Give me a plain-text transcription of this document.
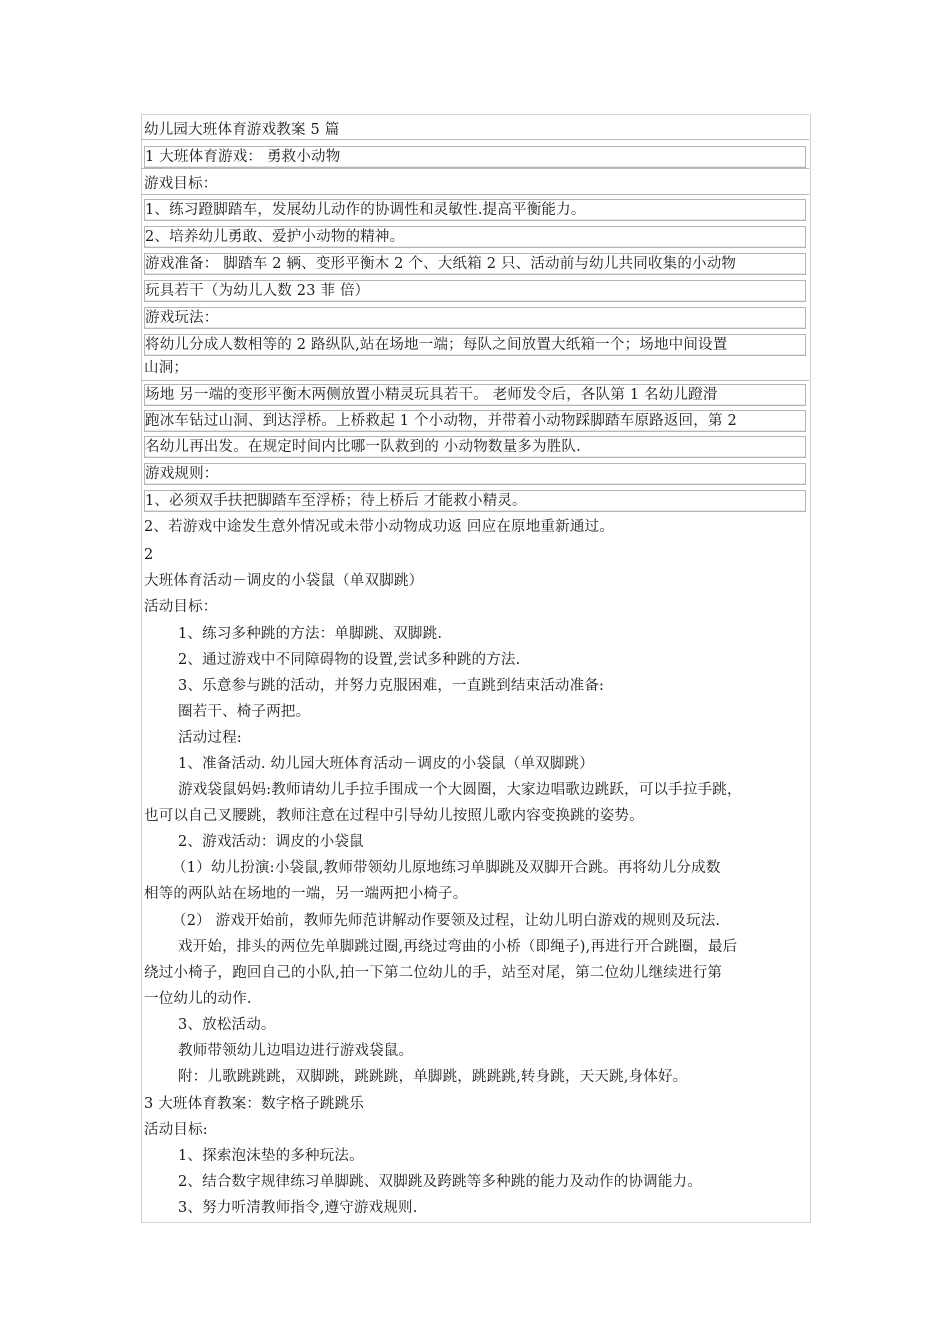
幼儿园大班体育游戏教案 5 篇
1 大班体育游戏： 勇救小动物
游戏目标：
1、练习蹬脚踏车，发展幼儿动作的协调性和灵敏性.提高平衡能力。
2、培养幼儿勇敢、爱护小动物的精神。
游戏准备： 脚踏车 2 辆、变形平衡木 2 个、大纸箱 2 只、活动前与幼儿共同收集的小动物
玩具若干（为幼儿人数 23 菲 倍）
游戏玩法：
将幼儿分成人数相等的 2 路纵队,站在场地一端；每队之间放置大纸箱一个；场地中间设置
山洞；
场地 另一端的变形平衡木两侧放置小精灵玩具若干。 老师发令后，各队第 1 名幼儿蹬滑
跑冰车钻过山洞、到达浮桥。上桥救起 1 个小动物，并带着小动物踩脚踏车原路返回，第 2
名幼儿再出发。在规定时间内比哪一队救到的 小动物数量多为胜队.
游戏规则：
1、必须双手扶把脚踏车至浮桥；待上桥后 才能救小精灵。
2、若游戏中途发生意外情况或未带小动物成功返 回应在原地重新通过。
2
大班体育活动－调皮的小袋鼠（单双脚跳）
活动目标：
1、练习多种跳的方法：单脚跳、双脚跳.
2、通过游戏中不同障碍物的设置,尝试多种跳的方法.
3、乐意参与跳的活动，并努力克服困难，一直跳到结束活动准备:
圈若干、椅子两把。
活动过程:
1、准备活动. 幼儿园大班体育活动－调皮的小袋鼠（单双脚跳）
游戏袋鼠妈妈:教师请幼儿手拉手围成一个大圆圈，大家边唱歌边跳跃，可以手拉手跳，
也可以自己叉腰跳，教师注意在过程中引导幼儿按照儿歌内容变换跳的姿势。
2、游戏活动：调皮的小袋鼠
（1）幼儿扮演:小袋鼠,教师带领幼儿原地练习单脚跳及双脚开合跳。再将幼儿分成数
相等的两队站在场地的一端，另一端两把小椅子。
（2） 游戏开始前，教师先师范讲解动作要领及过程，让幼儿明白游戏的规则及玩法.
戏开始，排头的两位先单脚跳过圈,再绕过弯曲的小桥（即绳子),再进行开合跳圈，最后
绕过小椅子，跑回自己的小队,拍一下第二位幼儿的手，站至对尾，第二位幼儿继续进行第
一位幼儿的动作.
3、放松活动。
教师带领幼儿边唱边进行游戏袋鼠。
附：儿歌跳跳跳，双脚跳，跳跳跳，单脚跳，跳跳跳,转身跳，天天跳,身体好。
3 大班体育教案：数字格子跳跳乐
活动目标:
1、探索泡沫垫的多种玩法。
2、结合数字规律练习单脚跳、双脚跳及跨跳等多种跳的能力及动作的协调能力。
3、努力听清教师指令,遵守游戏规则.
